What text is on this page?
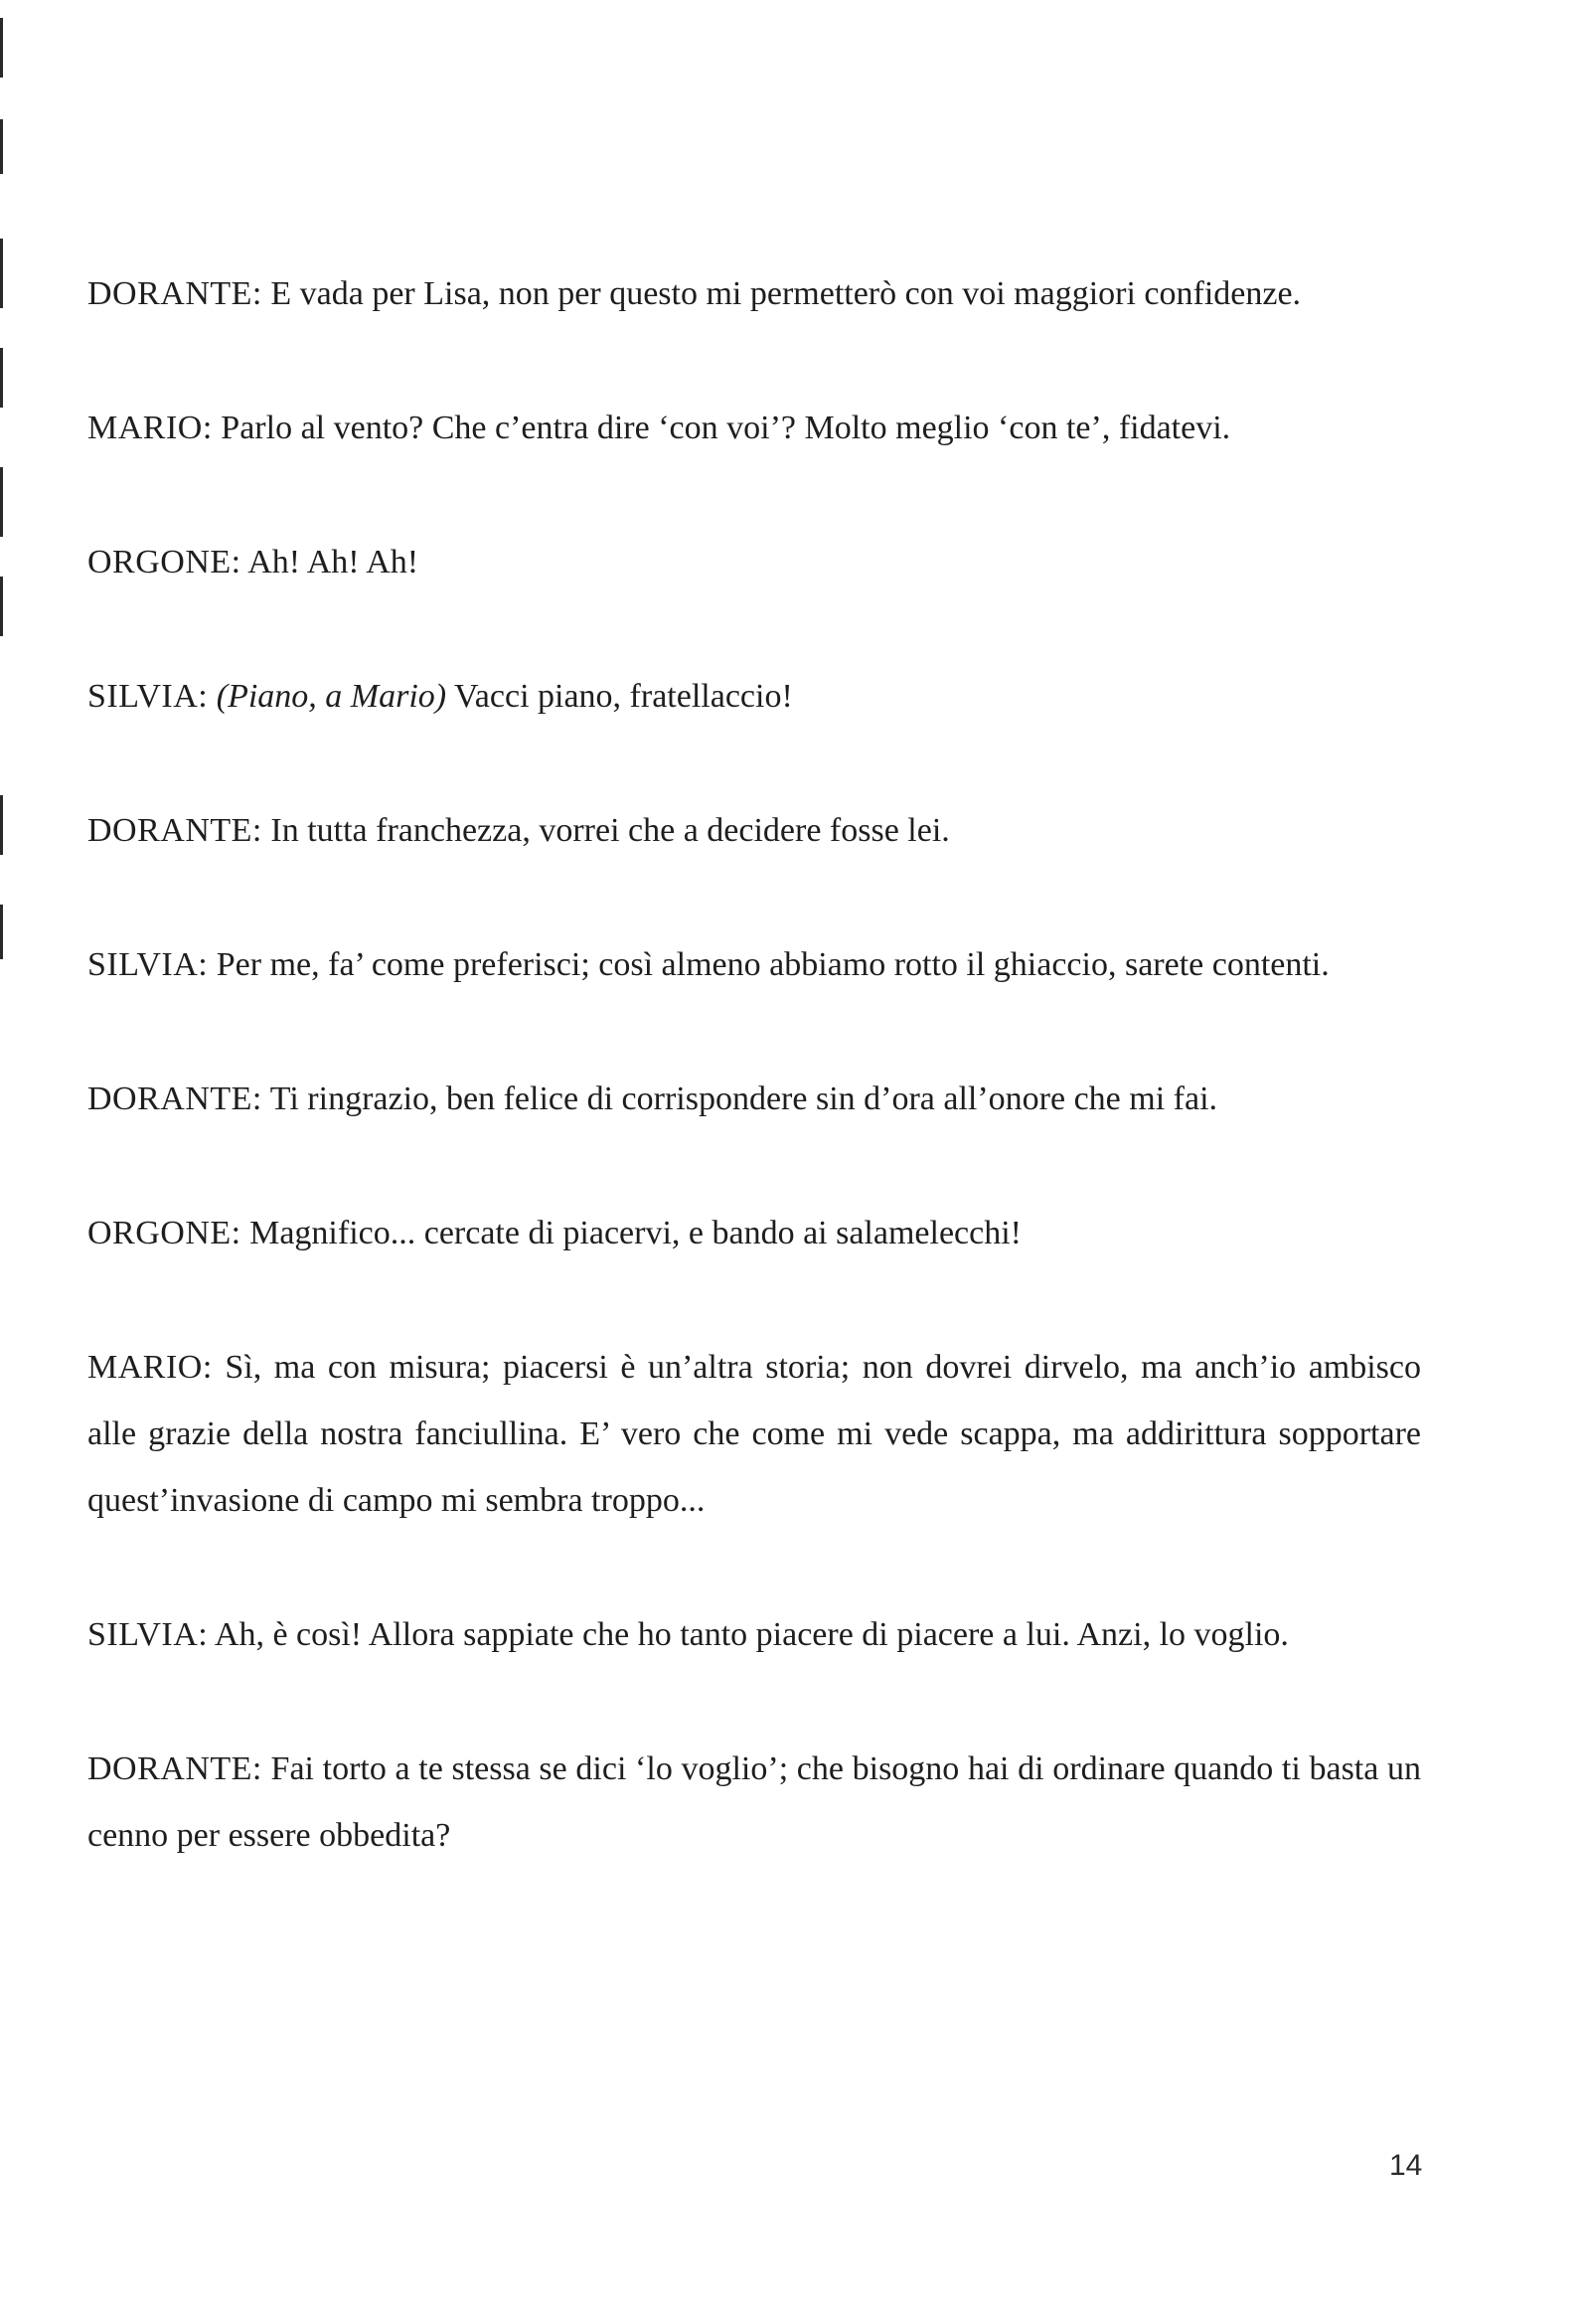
DORANTE: E vada per Lisa, non per questo mi permetterò con voi maggiori confidenze.

MARIO: Parlo al vento? Che c’entra dire ‘con voi’? Molto meglio ‘con te’, fidatevi.

ORGONE: Ah! Ah! Ah!

SILVIA: (Piano, a Mario) Vacci piano, fratellaccio!

DORANTE: In tutta franchezza, vorrei che a decidere fosse lei.

SILVIA: Per me, fa’ come preferisci; così almeno abbiamo rotto il ghiaccio, sarete contenti.

DORANTE: Ti ringrazio, ben felice di corrispondere sin d’ora all’onore che mi fai.

ORGONE: Magnifico... cercate di piacervi, e bando ai salamelecchi!

MARIO: Sì, ma con misura; piacersi è un’altra storia; non dovrei dirvelo, ma anch’io ambisco alle grazie della nostra fanciullina. E’ vero che come mi vede scappa, ma addirittura sopportare quest’invasione di campo mi sembra troppo...

SILVIA: Ah, è così! Allora sappiate che ho tanto piacere di piacere a lui. Anzi, lo voglio.

DORANTE: Fai torto a te stessa se dici ‘lo voglio’; che bisogno hai di ordinare quando ti basta un cenno per essere obbedita?

14
